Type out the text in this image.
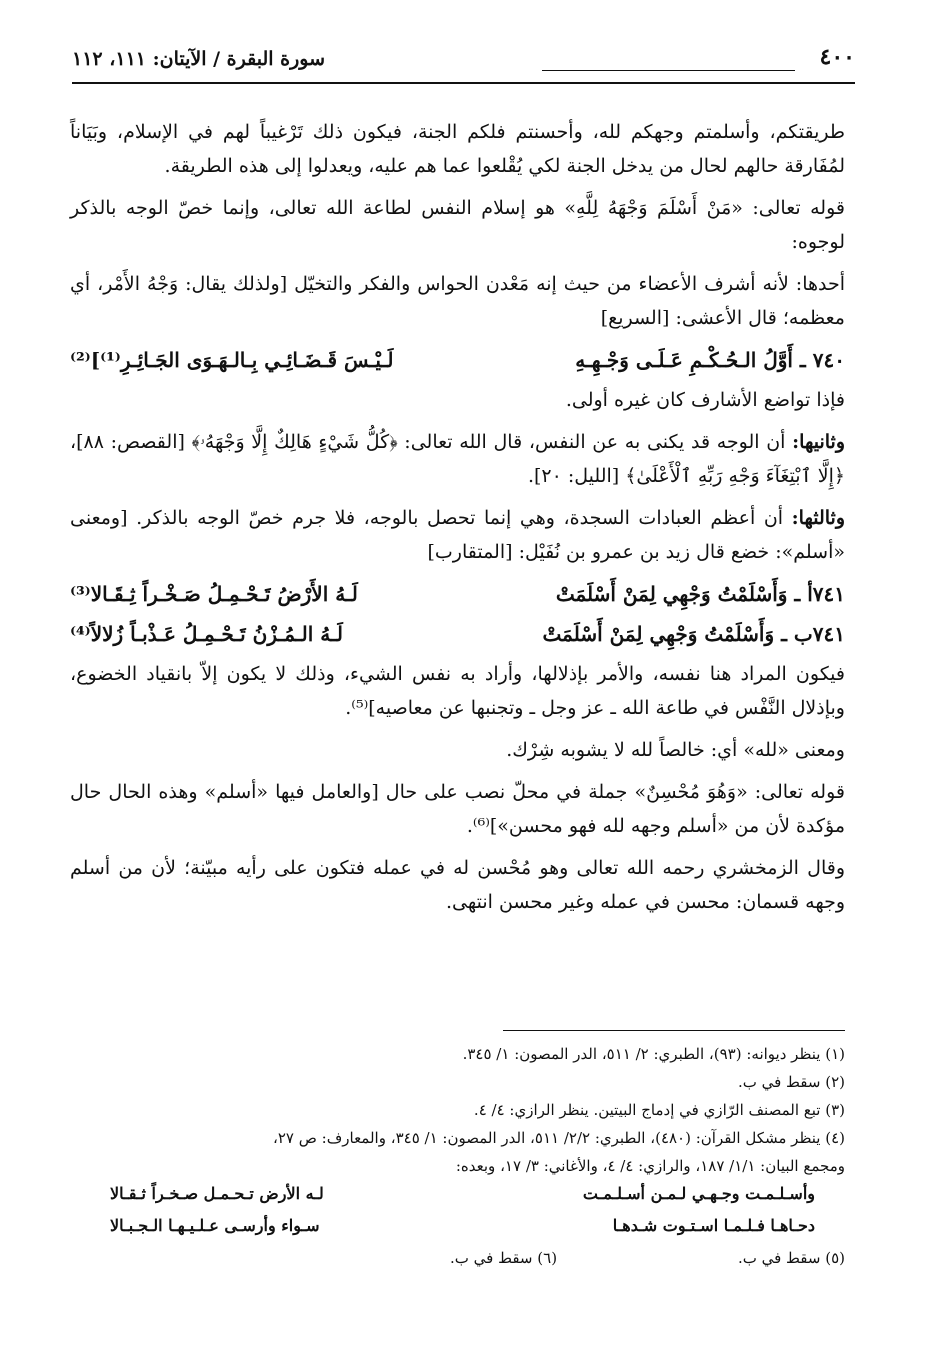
٤٠٠
سورة البقرة / الآيتان: ١١١، ١١٢

طريقتكم، وأسلمتم وجهكم لله، وأحسنتم فلكم الجنة، فيكون ذلك تَرْغيباً لهم في الإسلام، وبَيَاناً لمُفَارقة حالهم لحال من يدخل الجنة لكي يُقْلعوا عما هم عليه، ويعدلوا إلى هذه الطريقة.

قوله تعالى: «مَنْ أَسْلَمَ وَجْهَهُ لِلَّهِ» هو إسلام النفس لطاعة الله تعالى، وإنما خصّ الوجه بالذكر لوجوه:

أحدها: لأنه أشرف الأعضاء من حيث إنه مَعْدن الحواس والفكر والتخيّل [ولذلك يقال: وَجْهُ الأَمْر، أي معظمه؛ قال الأعشى: [السريع]

٧٤٠ ـ أَوَّلُ الـحُـكْـمِ عَـلَـى وَجْـهِـهِ
لَـيْـسَ قَـضَـائِـي بِـالـهَـوَى الجَـائِـرِ⁽¹⁾]⁽²⁾

فإذا تواضع الأشارف كان غيره أولى.

وثانيها: أن الوجه قد يكنى به عن النفس، قال الله تعالى: ﴿كُلُّ شَيْءٍ هَالِكٌ إِلَّا وَجْهَهُۥ﴾ [القصص: ٨٨]، ﴿إِلَّا ٱبْتِغَآءَ وَجْهِ رَبِّهِ ٱلْأَعْلَىٰ﴾ [الليل: ٢٠].

وثالثها: أن أعظم العبادات السجدة، وهي إنما تحصل بالوجه، فلا جرم خصّ الوجه بالذكر. [ومعنى «أسلم»: خضع قال زيد بن عمرو بن نُفَيْل: [المتقارب]

٧٤١أ ـ وَأَسْلَمْتُ وَجْهِي لِمَنْ أَسْلَمَتْ
لَـهُ الأَرْضُ تَـحْـمِـلُ صَـخْـراً ثِـقَـالا⁽³⁾
٧٤١ب ـ وَأَسْلَمْتُ وَجْهِي لِمَنْ أَسْلَمَتْ
لَـهُ الـمُـزْنُ تَـحْـمِـلُ عَـذْبـاً زُلالاً⁽⁴⁾

فيكون المراد هنا نفسه، والأمر بإذلالها، وأراد به نفس الشيء، وذلك لا يكون إلاّ بانقياد الخضوع، وبإذلال النَّفْس في طاعة الله ـ عز وجل ـ وتجنبها عن معاصيه]⁽⁵⁾.

ومعنى «لله» أي: خالصاً لله لا يشوبه شِرْك.

قوله تعالى: «وَهُوَ مُحْسِنٌ» جملة في محلّ نصب على حال [والعامل فيها «أسلم» وهذه الحال حال مؤكدة لأن من «أسلم وجهه لله فهو محسن»]⁽⁶⁾.

وقال الزمخشري رحمه الله تعالى وهو مُحْسن له في عمله فتكون على رأيه مبيّنة؛ لأن من أسلم وجهه قسمان: محسن في عمله وغير محسن انتهى.

(١) ينظر ديوانه: (٩٣)، الطبري: ٢/ ٥١١، الدر المصون: ١/ ٣٤٥.
(٢) سقط في ب.
(٣) تبع المصنف الرّازي في إدماج البيتين. ينظر الرازي: ٤/ ٤.
(٤) ينظر مشكل القرآن: (٤٨٠)، الطبري: ٢/٢/ ٥١١، الدر المصون: ١/ ٣٤٥، والمعارف: ص ٢٧،
ومجمع البيان: ١/١/ ١٨٧، والرازي: ٤/ ٤، والأغاني: ٣/ ١٧، وبعده:
وأسـلـمـت وجـهـي لـمـن أسـلـمـت
لـه الأرض تـحـمـل صـخـراً ثـقـالا
دحـاهـا فـلـمـا اسـتـوت شـدهـا
سـواء وأرسـى عـلـيـهـا الـجـبـالا
(٥) سقط في ب.
(٦) سقط في ب.
